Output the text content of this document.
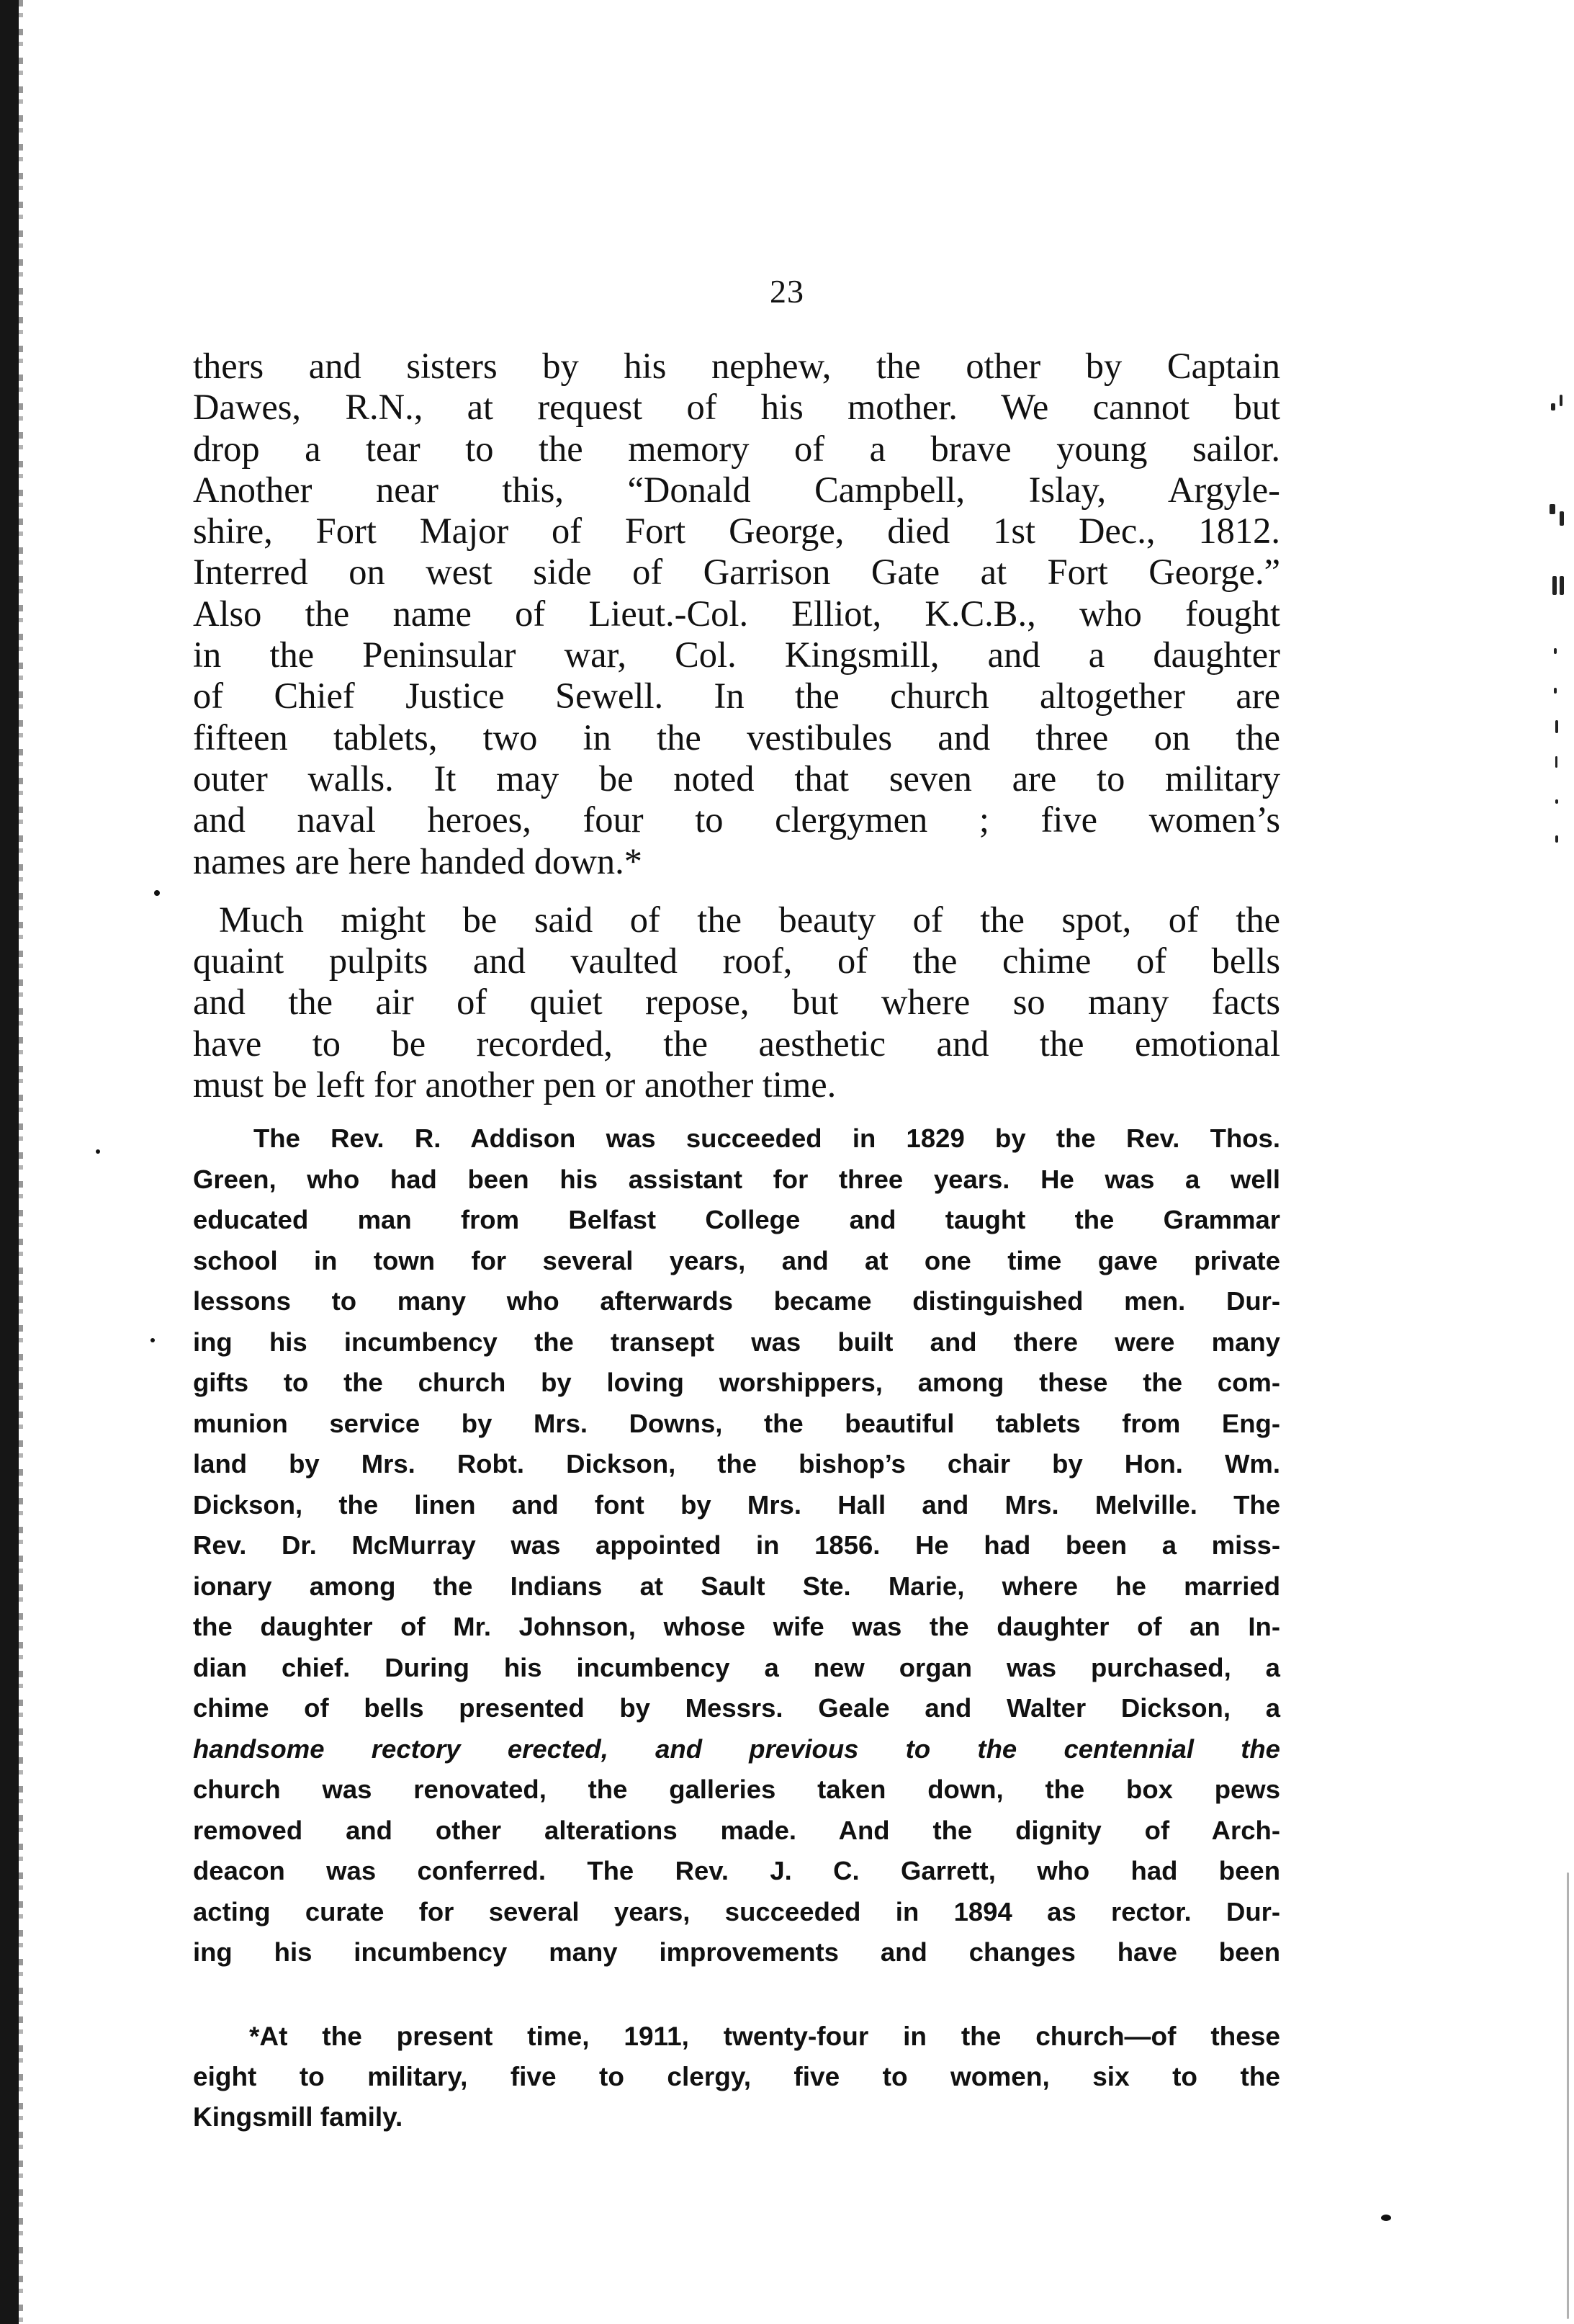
23

thers and sisters by his nephew, the other by Captain
Dawes, R.N., at request of his mother. We cannot but
drop a tear to the memory of a brave young sailor.
Another near this, “Donald Campbell, Islay, Argyle-
shire, Fort Major of Fort George, died 1st Dec., 1812.
Interred on west side of Garrison Gate at Fort George.”
Also the name of Lieut.-Col. Elliot, K.C.B., who fought
in the Peninsular war, Col. Kingsmill, and a daughter
of Chief Justice Sewell. In the church altogether are
fifteen tablets, two in the vestibules and three on the
outer walls. It may be noted that seven are to military
and naval heroes, four to clergymen ; five women’s
names are here handed down.*

Much might be said of the beauty of the spot, of the
quaint pulpits and vaulted roof, of the chime of bells
and the air of quiet repose, but where so many facts
have to be recorded, the aesthetic and the emotional
must be left for another pen or another time.

The Rev. R. Addison was succeeded in 1829 by the Rev. Thos.
Green, who had been his assistant for three years. He was a well
educated man from Belfast College and taught the Grammar
school in town for several years, and at one time gave private
lessons to many who afterwards became distinguished men. Dur-
ing his incumbency the transept was built and there were many
gifts to the church by loving worshippers, among these the com-
munion service by Mrs. Downs, the beautiful tablets from Eng-
land by Mrs. Robt. Dickson, the bishop’s chair by Hon. Wm.
Dickson, the linen and font by Mrs. Hall and Mrs. Melville. The
Rev. Dr. McMurray was appointed in 1856. He had been a miss-
ionary among the Indians at Sault Ste. Marie, where he married
the daughter of Mr. Johnson, whose wife was the daughter of an In-
dian chief. During his incumbency a new organ was purchased, a
chime of bells presented by Messrs. Geale and Walter Dickson, a
handsome rectory erected, and previous to the centennial the
church was renovated, the galleries taken down, the box pews
removed and other alterations made. And the dignity of Arch-
deacon was conferred. The Rev. J. C. Garrett, who had been
acting curate for several years, succeeded in 1894 as rector. Dur-
ing his incumbency many improvements and changes have been

*At the present time, 1911, twenty-four in the church—of these
eight to military, five to clergy, five to women, six to the
Kingsmill family.
